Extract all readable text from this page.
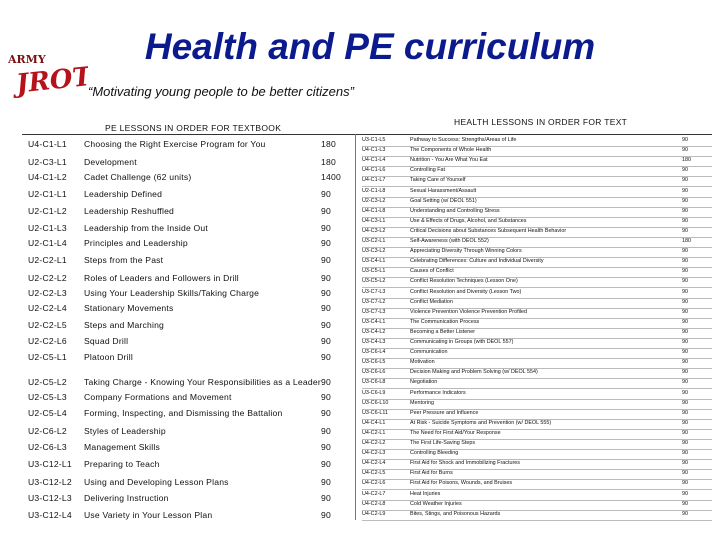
ARMY
JROTC
Health and PE curriculum
“Motivating young people to be better citizens”
PE LESSONS IN ORDER FOR TEXTBOOK
HEALTH LESSONS IN ORDER FOR TEXT
U4-C1-L1 Choosing the Right Exercise Program for You	180
U2-C3-L1 Development	180
U4-C1-L2 Cadet Challenge (62 units)	1400
U2-C1-L1 Leadership Defined	90
U2-C1-L2 Leadership Reshuffled	90
U2-C1-L3 Leadership from the Inside Out	90
U2-C1-L4 Principles and Leadership	90
U2-C2-L1 Steps from the Past	90
U2-C2-L2 Roles of Leaders and Followers in Drill	90
U2-C2-L3 Using Your Leadership Skills/Taking Charge	90
U2-C2-L4 Stationary Movements	90
U2-C2-L5 Steps and Marching	90
U2-C2-L6 Squad Drill	90
U2-C5-L1 Platoon Drill	90
U2-C5-L2 Taking Charge - Knowing Your Responsibilities as a Leader 90
U2-C5-L3 Company Formations and Movement	90
U2-C5-L4 Forming, Inspecting, and Dismissing the Battalion	90
U2-C6-L2 Styles of Leadership	90
U2-C6-L3 Management Skills	90
U3-C12-L1 Preparing to Teach	90
U3-C12-L2 Using and Developing Lesson Plans	90
U3-C12-L3 Delivering Instruction	90
U3-C12-L4 Use Variety in Your Lesson Plan	90
U3-C1-L5	Pathway to Success: Strengths/Areas of Life	90
U4-C1-L3	The Components of Whole Health	90
U4-C1-L4	Nutrition - You Are What You Eat	180
U4-C1-L6	Controlling Fat	90
U4-C1-L7	Taking Care of Yourself	90
U2-C1-L8	Sexual Harassment/Assault	90
U2-C3-L2	Goal Setting (w/ DEOL 551)	90
U4-C1-L8	Understanding and Controlling Stress	90
U4-C3-L1	Use & Effects of Drugs, Alcohol, and Substances	90
U4-C3-L2	Critical Decisions about Substances Subsequent Health Behavior	90
U3-C2-L1	Self-Awareness (with DEOL 552)	180
U3-C3-L2	Appreciating Diversity Through Winning Colors	90
U3-C4-L1	Celebrating Differences: Culture and Individual Diversity	90
U3-C5-L1	Causes of Conflict	90
U3-C5-L2	Conflict Resolution Techniques (Lesson One)	90
U3-C7-L3	Conflict Resolution and Diversity (Lesson Two)	90
U3-C7-L2	Conflict Mediation	90
U3-C7-L3	Violence Prevention Violence Prevention Profiled	90
U3-C4-L1	The Communication Process	90
U3-C4-L2	Becoming a Better Listener	90
U3-C4-L3	Communicating in Groups (with DEOL 557)	90
U3-C6-L4	Communication	90
U3-C6-L5	Motivation	90
U3-C6-L6	Decision Making and Problem Solving (w/ DEOL 554)	90
U3-C6-L8	Negotiation	90
U3-C6-L9	Performance Indicators	90
U3-C6-L10	Mentoring	90
U3-C6-L11	Peer Pressure and Influence	90
U4-C4-L1	At Risk - Suicide Symptoms and Prevention (w/ DEOL 555)	90
U4-C2-L1	The Need for First Aid/Your Response	90
U4-C2-L2	The First Life-Saving Steps	90
U4-C2-L3	Controlling Bleeding	90
U4-C2-L4	First Aid for Shock and Immobilizing Fractures	90
U4-C2-L5	First Aid for Burns	90
U4-C2-L6	First Aid for Poisons, Wounds, and Bruises	90
U4-C2-L7	Heat Injuries	90
U4-C2-L8	Cold Weather Injuries	90
U4-C2-L9	Bites, Stings, and Poisonous Hazards	90
